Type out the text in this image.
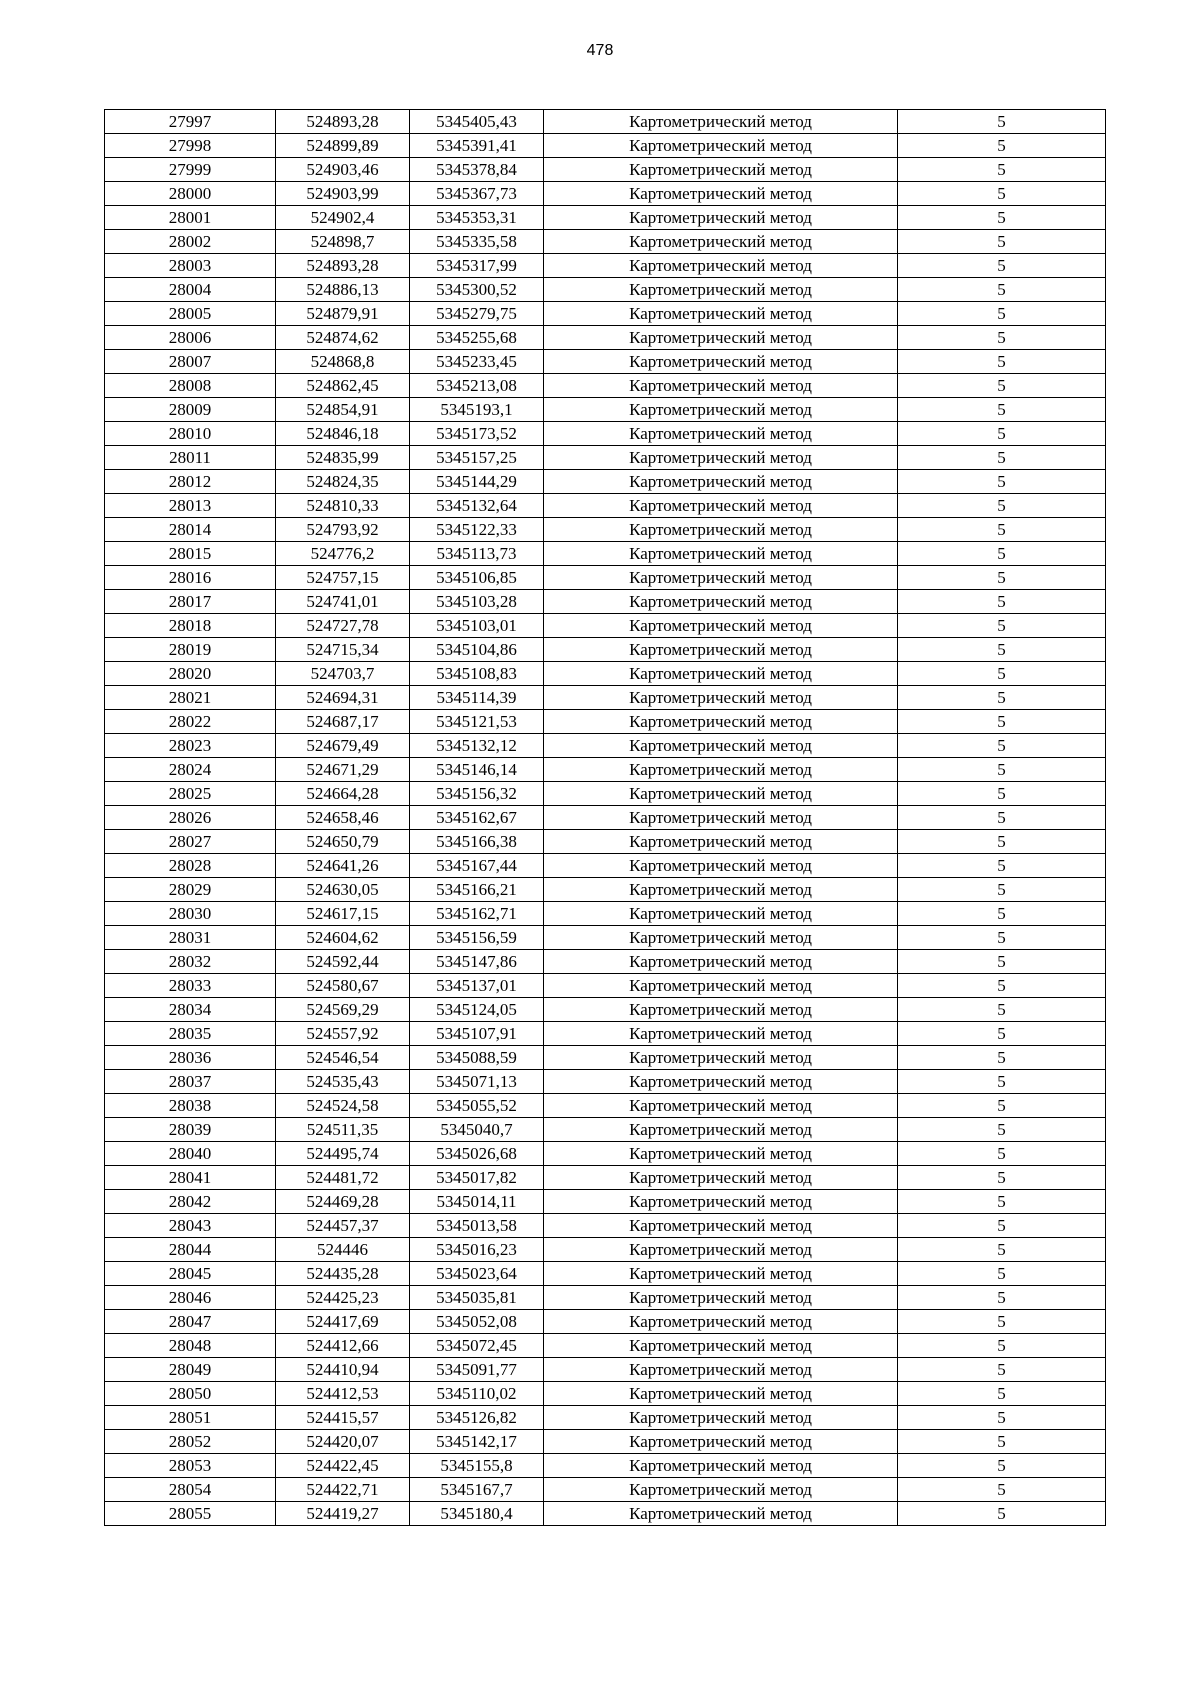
478
27997	524893,28	5345405,43	Картометрический метод	5
27998	524899,89	5345391,41	Картометрический метод	5
27999	524903,46	5345378,84	Картометрический метод	5
28000	524903,99	5345367,73	Картометрический метод	5
28001	524902,4	5345353,31	Картометрический метод	5
28002	524898,7	5345335,58	Картометрический метод	5
28003	524893,28	5345317,99	Картометрический метод	5
28004	524886,13	5345300,52	Картометрический метод	5
28005	524879,91	5345279,75	Картометрический метод	5
28006	524874,62	5345255,68	Картометрический метод	5
28007	524868,8	5345233,45	Картометрический метод	5
28008	524862,45	5345213,08	Картометрический метод	5
28009	524854,91	5345193,1	Картометрический метод	5
28010	524846,18	5345173,52	Картометрический метод	5
28011	524835,99	5345157,25	Картометрический метод	5
28012	524824,35	5345144,29	Картометрический метод	5
28013	524810,33	5345132,64	Картометрический метод	5
28014	524793,92	5345122,33	Картометрический метод	5
28015	524776,2	5345113,73	Картометрический метод	5
28016	524757,15	5345106,85	Картометрический метод	5
28017	524741,01	5345103,28	Картометрический метод	5
28018	524727,78	5345103,01	Картометрический метод	5
28019	524715,34	5345104,86	Картометрический метод	5
28020	524703,7	5345108,83	Картометрический метод	5
28021	524694,31	5345114,39	Картометрический метод	5
28022	524687,17	5345121,53	Картометрический метод	5
28023	524679,49	5345132,12	Картометрический метод	5
28024	524671,29	5345146,14	Картометрический метод	5
28025	524664,28	5345156,32	Картометрический метод	5
28026	524658,46	5345162,67	Картометрический метод	5
28027	524650,79	5345166,38	Картометрический метод	5
28028	524641,26	5345167,44	Картометрический метод	5
28029	524630,05	5345166,21	Картометрический метод	5
28030	524617,15	5345162,71	Картометрический метод	5
28031	524604,62	5345156,59	Картометрический метод	5
28032	524592,44	5345147,86	Картометрический метод	5
28033	524580,67	5345137,01	Картометрический метод	5
28034	524569,29	5345124,05	Картометрический метод	5
28035	524557,92	5345107,91	Картометрический метод	5
28036	524546,54	5345088,59	Картометрический метод	5
28037	524535,43	5345071,13	Картометрический метод	5
28038	524524,58	5345055,52	Картометрический метод	5
28039	524511,35	5345040,7	Картометрический метод	5
28040	524495,74	5345026,68	Картометрический метод	5
28041	524481,72	5345017,82	Картометрический метод	5
28042	524469,28	5345014,11	Картометрический метод	5
28043	524457,37	5345013,58	Картометрический метод	5
28044	524446	5345016,23	Картометрический метод	5
28045	524435,28	5345023,64	Картометрический метод	5
28046	524425,23	5345035,81	Картометрический метод	5
28047	524417,69	5345052,08	Картометрический метод	5
28048	524412,66	5345072,45	Картометрический метод	5
28049	524410,94	5345091,77	Картометрический метод	5
28050	524412,53	5345110,02	Картометрический метод	5
28051	524415,57	5345126,82	Картометрический метод	5
28052	524420,07	5345142,17	Картометрический метод	5
28053	524422,45	5345155,8	Картометрический метод	5
28054	524422,71	5345167,7	Картометрический метод	5
28055	524419,27	5345180,4	Картометрический метод	5
